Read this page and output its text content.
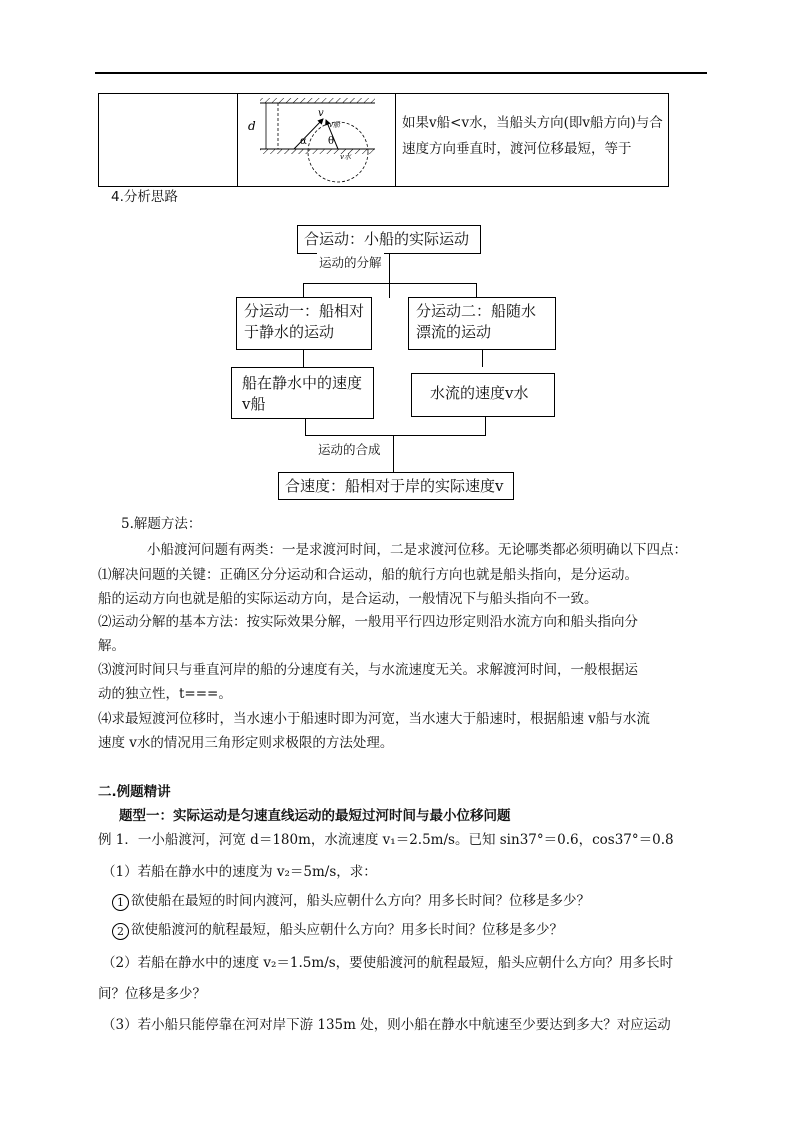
d
v
v船
α θ
v水
如果v船<v水，当船头方向(即v船方向)与合速度方向垂直时，渡河位移最短，等于
4.分析思路
合运动：小船的实际运动
运动的分解
分运动一：船相对于静水的运动
分运动二：船随水漂流的运动
船在静水中的速度v船
水流的速度v水
运动的合成
合速度：船相对于岸的实际速度v
5.解题方法：
小船渡河问题有两类：一是求渡河时间，二是求渡河位移。无论哪类都必须明确以下四点：
⑴解决问题的关键：正确区分分运动和合运动，船的航行方向也就是船头指向，是分运动。
船的运动方向也就是船的实际运动方向，是合运动，一般情况下与船头指向不一致。
⑵运动分解的基本方法：按实际效果分解，一般用平行四边形定则沿水流方向和船头指向分
解。
⑶渡河时间只与垂直河岸的船的分速度有关，与水流速度无关。求解渡河时间，一般根据运
动的独立性，t===。
⑷求最短渡河位移时，当水速小于船速时即为河宽，当水速大于船速时，根据船速 v船与水流
速度 v水的情况用三角形定则求极限的方法处理。
二.例题精讲
题型一：实际运动是匀速直线运动的最短过河时间与最小位移问题
例 1．一小船渡河，河宽 d＝180m，水流速度 v₁＝2.5m/s。已知 sin37°＝0.6，cos37°＝0.8
（1）若船在静水中的速度为 v₂＝5m/s，求：
1 欲使船在最短的时间内渡河，船头应朝什么方向？用多长时间？位移是多少？
2 欲使船渡河的航程最短，船头应朝什么方向？用多长时间？位移是多少？
（2）若船在静水中的速度 v₂＝1.5m/s，要使船渡河的航程最短，船头应朝什么方向？用多长时
间？位移是多少？
（3）若小船只能停靠在河对岸下游 135m 处，则小船在静水中航速至少要达到多大？对应运动
